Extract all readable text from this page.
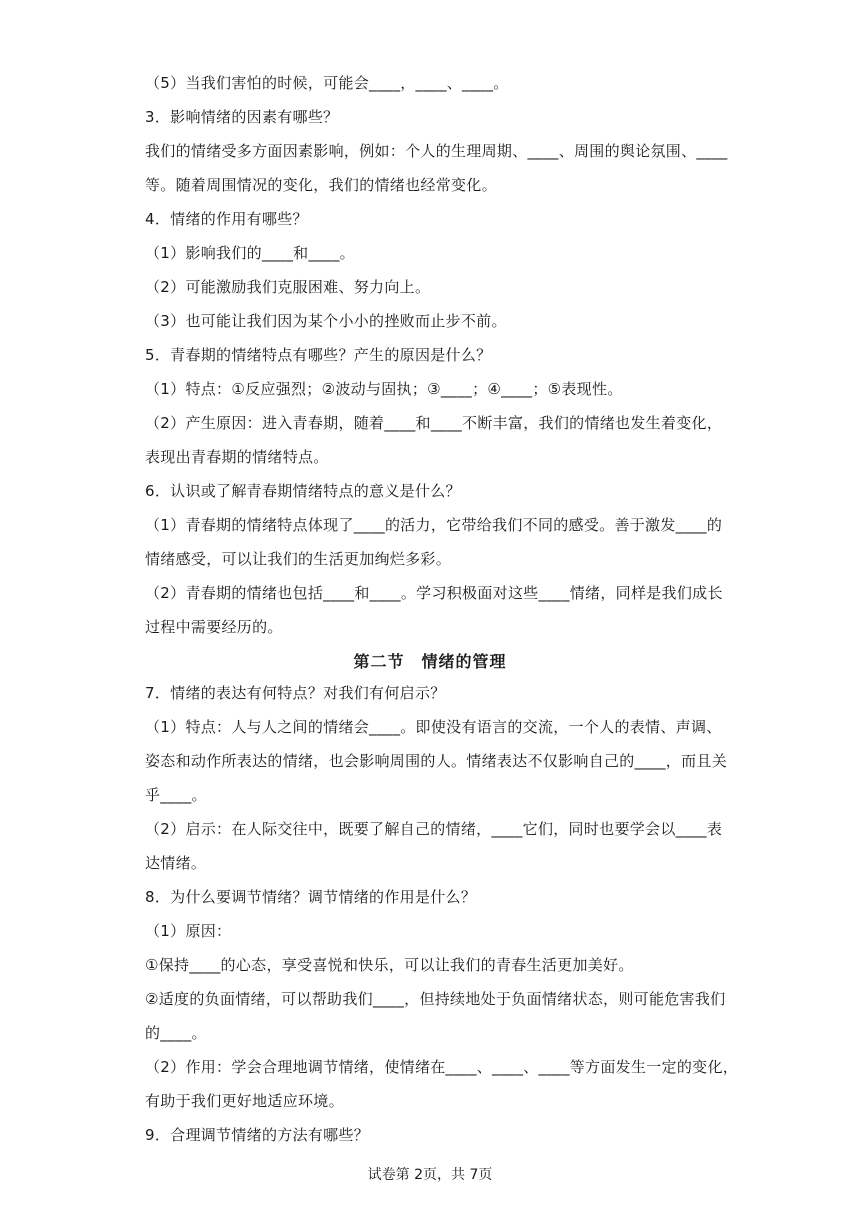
（5）当我们害怕的时候，可能会____，____、____。
3．影响情绪的因素有哪些？
我们的情绪受多方面因素影响，例如：个人的生理周期、____、周围的舆论氛围、____
等。随着周围情况的变化，我们的情绪也经常变化。
4．情绪的作用有哪些？
（1）影响我们的____和____。
（2）可能激励我们克服困难、努力向上。
（3）也可能让我们因为某个小小的挫败而止步不前。
5．青春期的情绪特点有哪些？产生的原因是什么？
（1）特点：①反应强烈；②波动与固执；③____；④____；⑤表现性。
（2）产生原因：进入青春期，随着____和____不断丰富，我们的情绪也发生着变化，
表现出青春期的情绪特点。
6．认识或了解青春期情绪特点的意义是什么？
（1）青春期的情绪特点体现了____的活力，它带给我们不同的感受。善于激发____的
情绪感受，可以让我们的生活更加绚烂多彩。
（2）青春期的情绪也包括____和____。学习积极面对这些____情绪，同样是我们成长
过程中需要经历的。
第二节　情绪的管理
7．情绪的表达有何特点？对我们有何启示？
（1）特点：人与人之间的情绪会____。即使没有语言的交流，一个人的表情、声调、
姿态和动作所表达的情绪，也会影响周围的人。情绪表达不仅影响自己的____，而且关
乎____。
（2）启示：在人际交往中，既要了解自己的情绪，____它们，同时也要学会以____表
达情绪。
8．为什么要调节情绪？调节情绪的作用是什么？
（1）原因：
①保持____的心态，享受喜悦和快乐，可以让我们的青春生活更加美好。
②适度的负面情绪，可以帮助我们____，但持续地处于负面情绪状态，则可能危害我们
的____。
（2）作用：学会合理地调节情绪，使情绪在____、____、____等方面发生一定的变化，
有助于我们更好地适应环境。
9．合理调节情绪的方法有哪些？
试卷第 2页，共 7页
